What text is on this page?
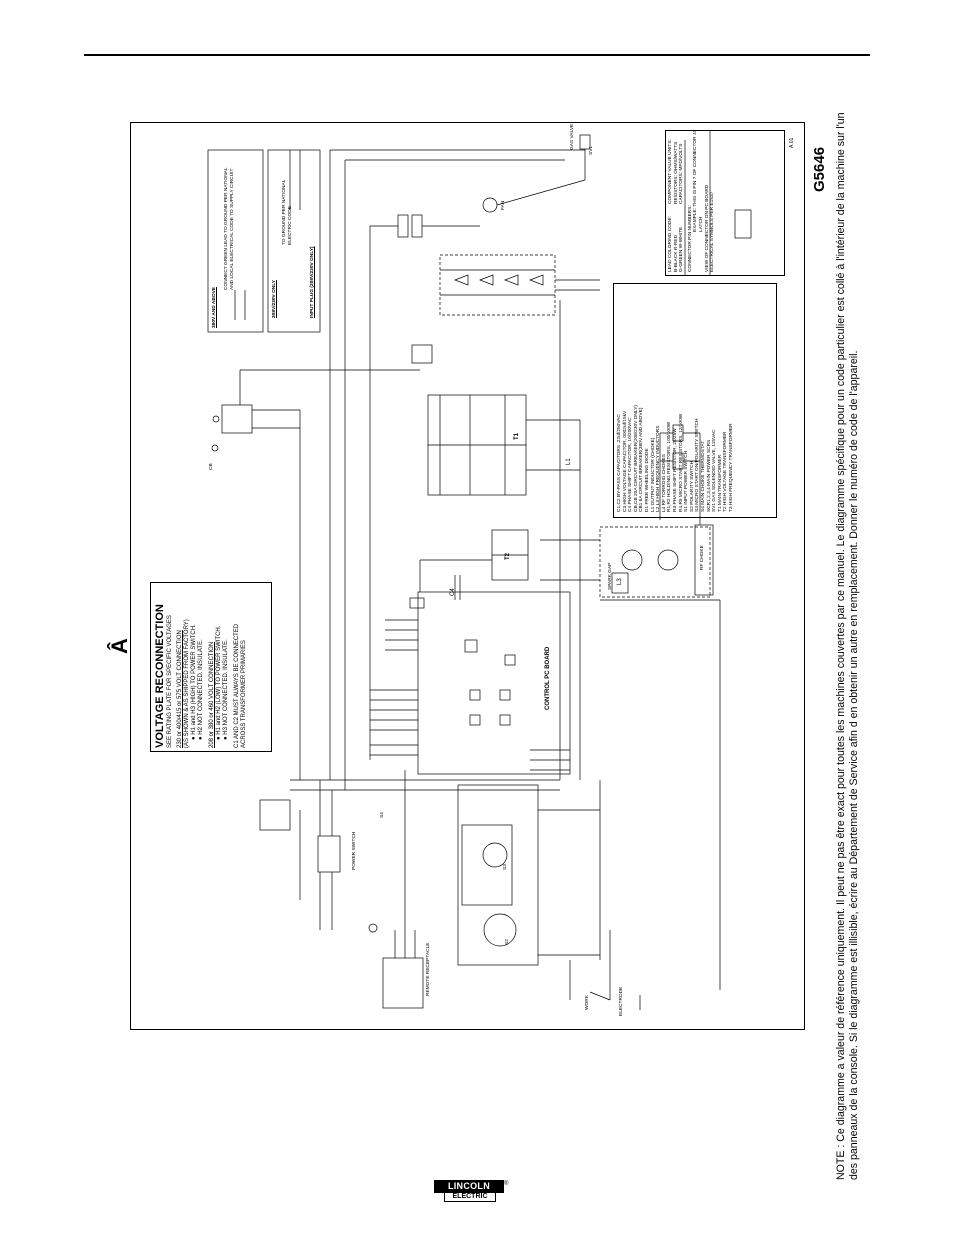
Â VOLTAGE RECONNECTION SEE RATING PLATE FOR SPECIFIC VOLTAGES 230 or 400/415 or 575 VOLT CONNECTION (AS SHOWN & AS SHIPPED FROM FACTORY) ● H1 and H3 (HIGH) TO POWER SWITCH. ● H2 NOT CONNECTED. INSULATE. 208 or 380 or 460 VOLT CONNECTION ● H1 and H2 (LOW) TO POWER SWITCH. ● H3 NOT CONNECTED. INSULATE. C1 AND C2 MUST ALWAYS BE CONNECTED ACROSS TRANSFORMER PRIMARIES
380V AND ABOVE
CONNECT GREEN LEAD TO GROUND PER NATIONAL AND LOCAL ELECTRICAL CODE TO SUPPLY CIRCUIT
208V/230V ONLY	INPUT PLUG (208V/230V ONLY)
TO GROUND PER NATIONAL ELECTRIC CODE
CONTROL PC BOARD
POWER SWITCH
S4
T1
T2
L1
L3
C4
SV1
GAS VALVE
ELECTRODE
WORK
S2
S3
CB
FAN
REMOTE RECEPTACLE
SPARK GAP
RF CHOKE
C1,C2 BY-PASS CAPACITORS .22uf/250VAC C3 HIGH VOLTAGE CAPACITOR, 0002uf/15kV C4 PHASE SHIFT CAPACITOR, 10/200VAC CB,CB 20A CIRCUIT BREAKER(208/230V ONLY) CB1 6A CIRCUIT BREAKER(380V AND ABOVE) D1 FREE WHEELING DIODE L1 OUTPUT INDUCTOR (CHOKE) L2,L3 HIGH FREQUENCY INDUCTORS L4 RF TORROID CHOKES R1,R2 HOLDING RESISTORS, 100/100W R3 PHASE SHIFT RESISTOR, 25/25W R4,R5 MICRO START RESISTORS, 12/100W S1 INPUT POWER SWITCH S2 POLARITY SWITCH S3 MICRO START ON/POLARITY SWITCH S4 MAIN CHOKE THERMOSTAT SCR1,2,3,4 MAIN POWER SCRS SV1 GAS SOLENOID VALVE, 115VAC T1 MAIN TRANSFORMER T2 HIGH VOLTAGE TRANSFORMER T3 HIGH FREQUENCY TRANSFORMER
LEAD COLORING CODE: B-BLACK R-RED G-GREEN W-WHITE CONNECTOR PIN NUMBERS:
EXAMPLE: THIS IS PIN 7 OF CONNECTOR J4 LATCH VIEW OF CONNECTOR ON PC BOARD ELECTRICAL SYMBOLS PER E1537
COMPONENT VALUE UNITS: RESISTORS: OHMS/WATTS CAPACITORS: MFD/VOLTS
A.01
G5646 NOTE : Ce diagramme a valeur de référence uniquement. Il peut ne pas être exact pour toutes les machines couvertes par ce manuel. Le diagramme spécifique pour un code particulier est collé à l'intérieur de la machine sur l'un des panneaux de la console. Si le diagramme est illisible, écrire au Département de Service afin d en obtenir un autre en remplacement. Donner le numéro de code de l'appareil.
LINCOLN
ELECTRIC
®
